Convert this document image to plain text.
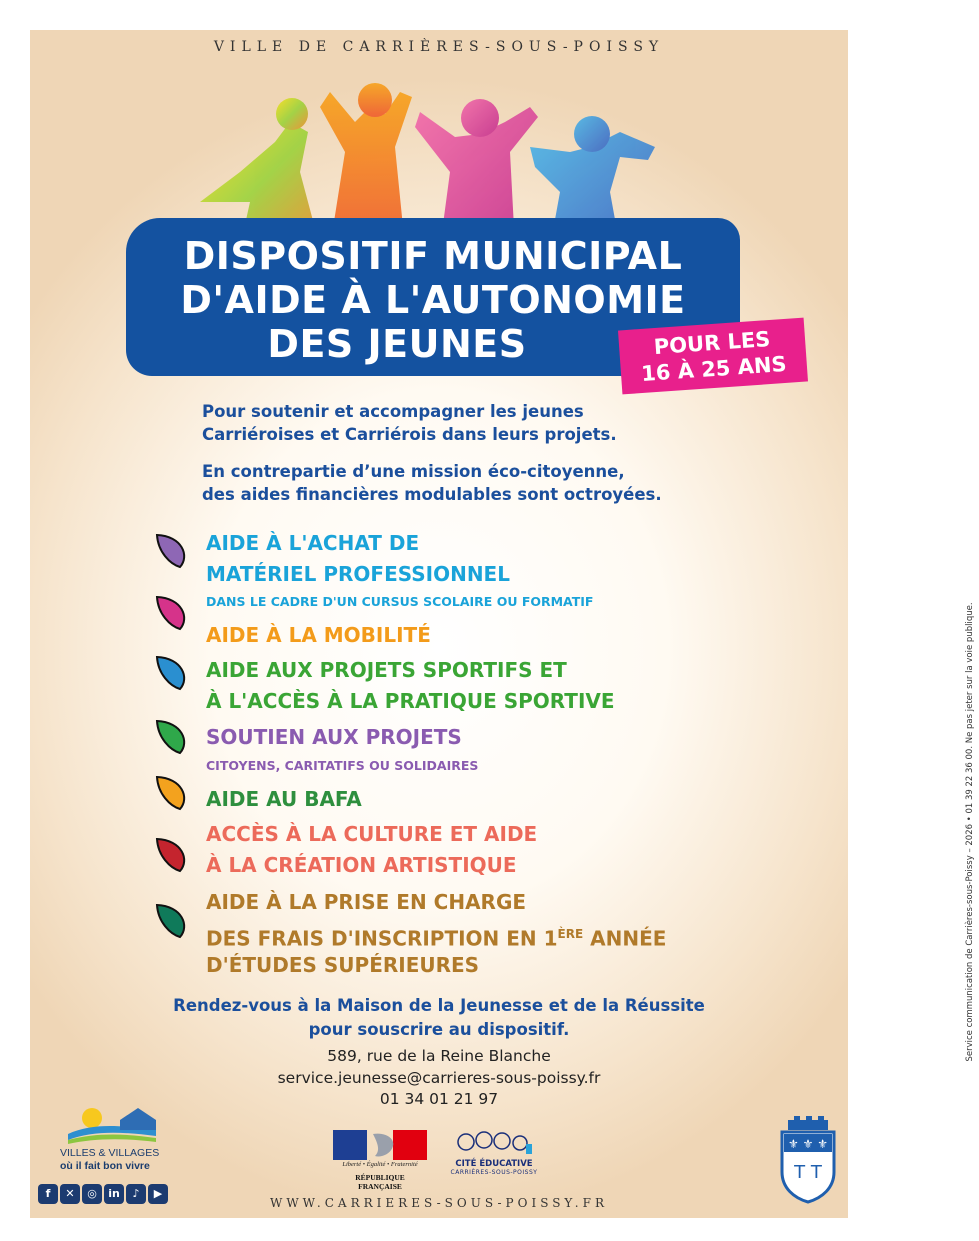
VILLE DE CARRIÈRES-SOUS-POISSY
DISPOSITIF MUNICIPAL
D'AIDE À L'AUTONOMIE
DES JEUNES	POUR LES
16 À 25 ANS
Pour soutenir et accompagner les jeunes
Carriéroises et Carriérois dans leurs projets.
En contrepartie d’une mission éco-citoyenne,
des aides financières modulables sont octroyées.
AIDE À L'ACHAT DE
MATÉRIEL PROFESSIONNEL
DANS LE CADRE D'UN CURSUS SCOLAIRE OU FORMATIF
AIDE À LA MOBILITÉ
AIDE AUX PROJETS SPORTIFS ET
À L'ACCÈS À LA PRATIQUE SPORTIVE
SOUTIEN AUX PROJETS
CITOYENS, CARITATIFS OU SOLIDAIRES
AIDE AU BAFA
ACCÈS À LA CULTURE ET AIDE
À LA CRÉATION ARTISTIQUE
AIDE À LA PRISE EN CHARGE
DES FRAIS D'INSCRIPTION EN 1ÈRE ANNÉE
D'ÉTUDES SUPÉRIEURES
Rendez-vous à la Maison de la Jeunesse et de la Réussite
pour souscrire au dispositif.
589, rue de la Reine Blanche
service.jeunesse@carrieres-sous-poissy.fr
01 34 01 21 97
Service communication de Carrières-sous-Poissy – 2026 • 01 39 22 36 00. Ne pas jeter sur la voie publique.
VILLES & VILLAGES
où il fait bon vivre
f	✕	◎	in	♪	▶
Liberté • Égalité • Fraternité
RÉPUBLIQUE FRANÇAISE
CITÉ ÉDUCATIVE
CARRIÈRES-SOUS-POISSY
⚜ ⚜ ⚜
T T
WWW.CARRIERES-SOUS-POISSY.FR
